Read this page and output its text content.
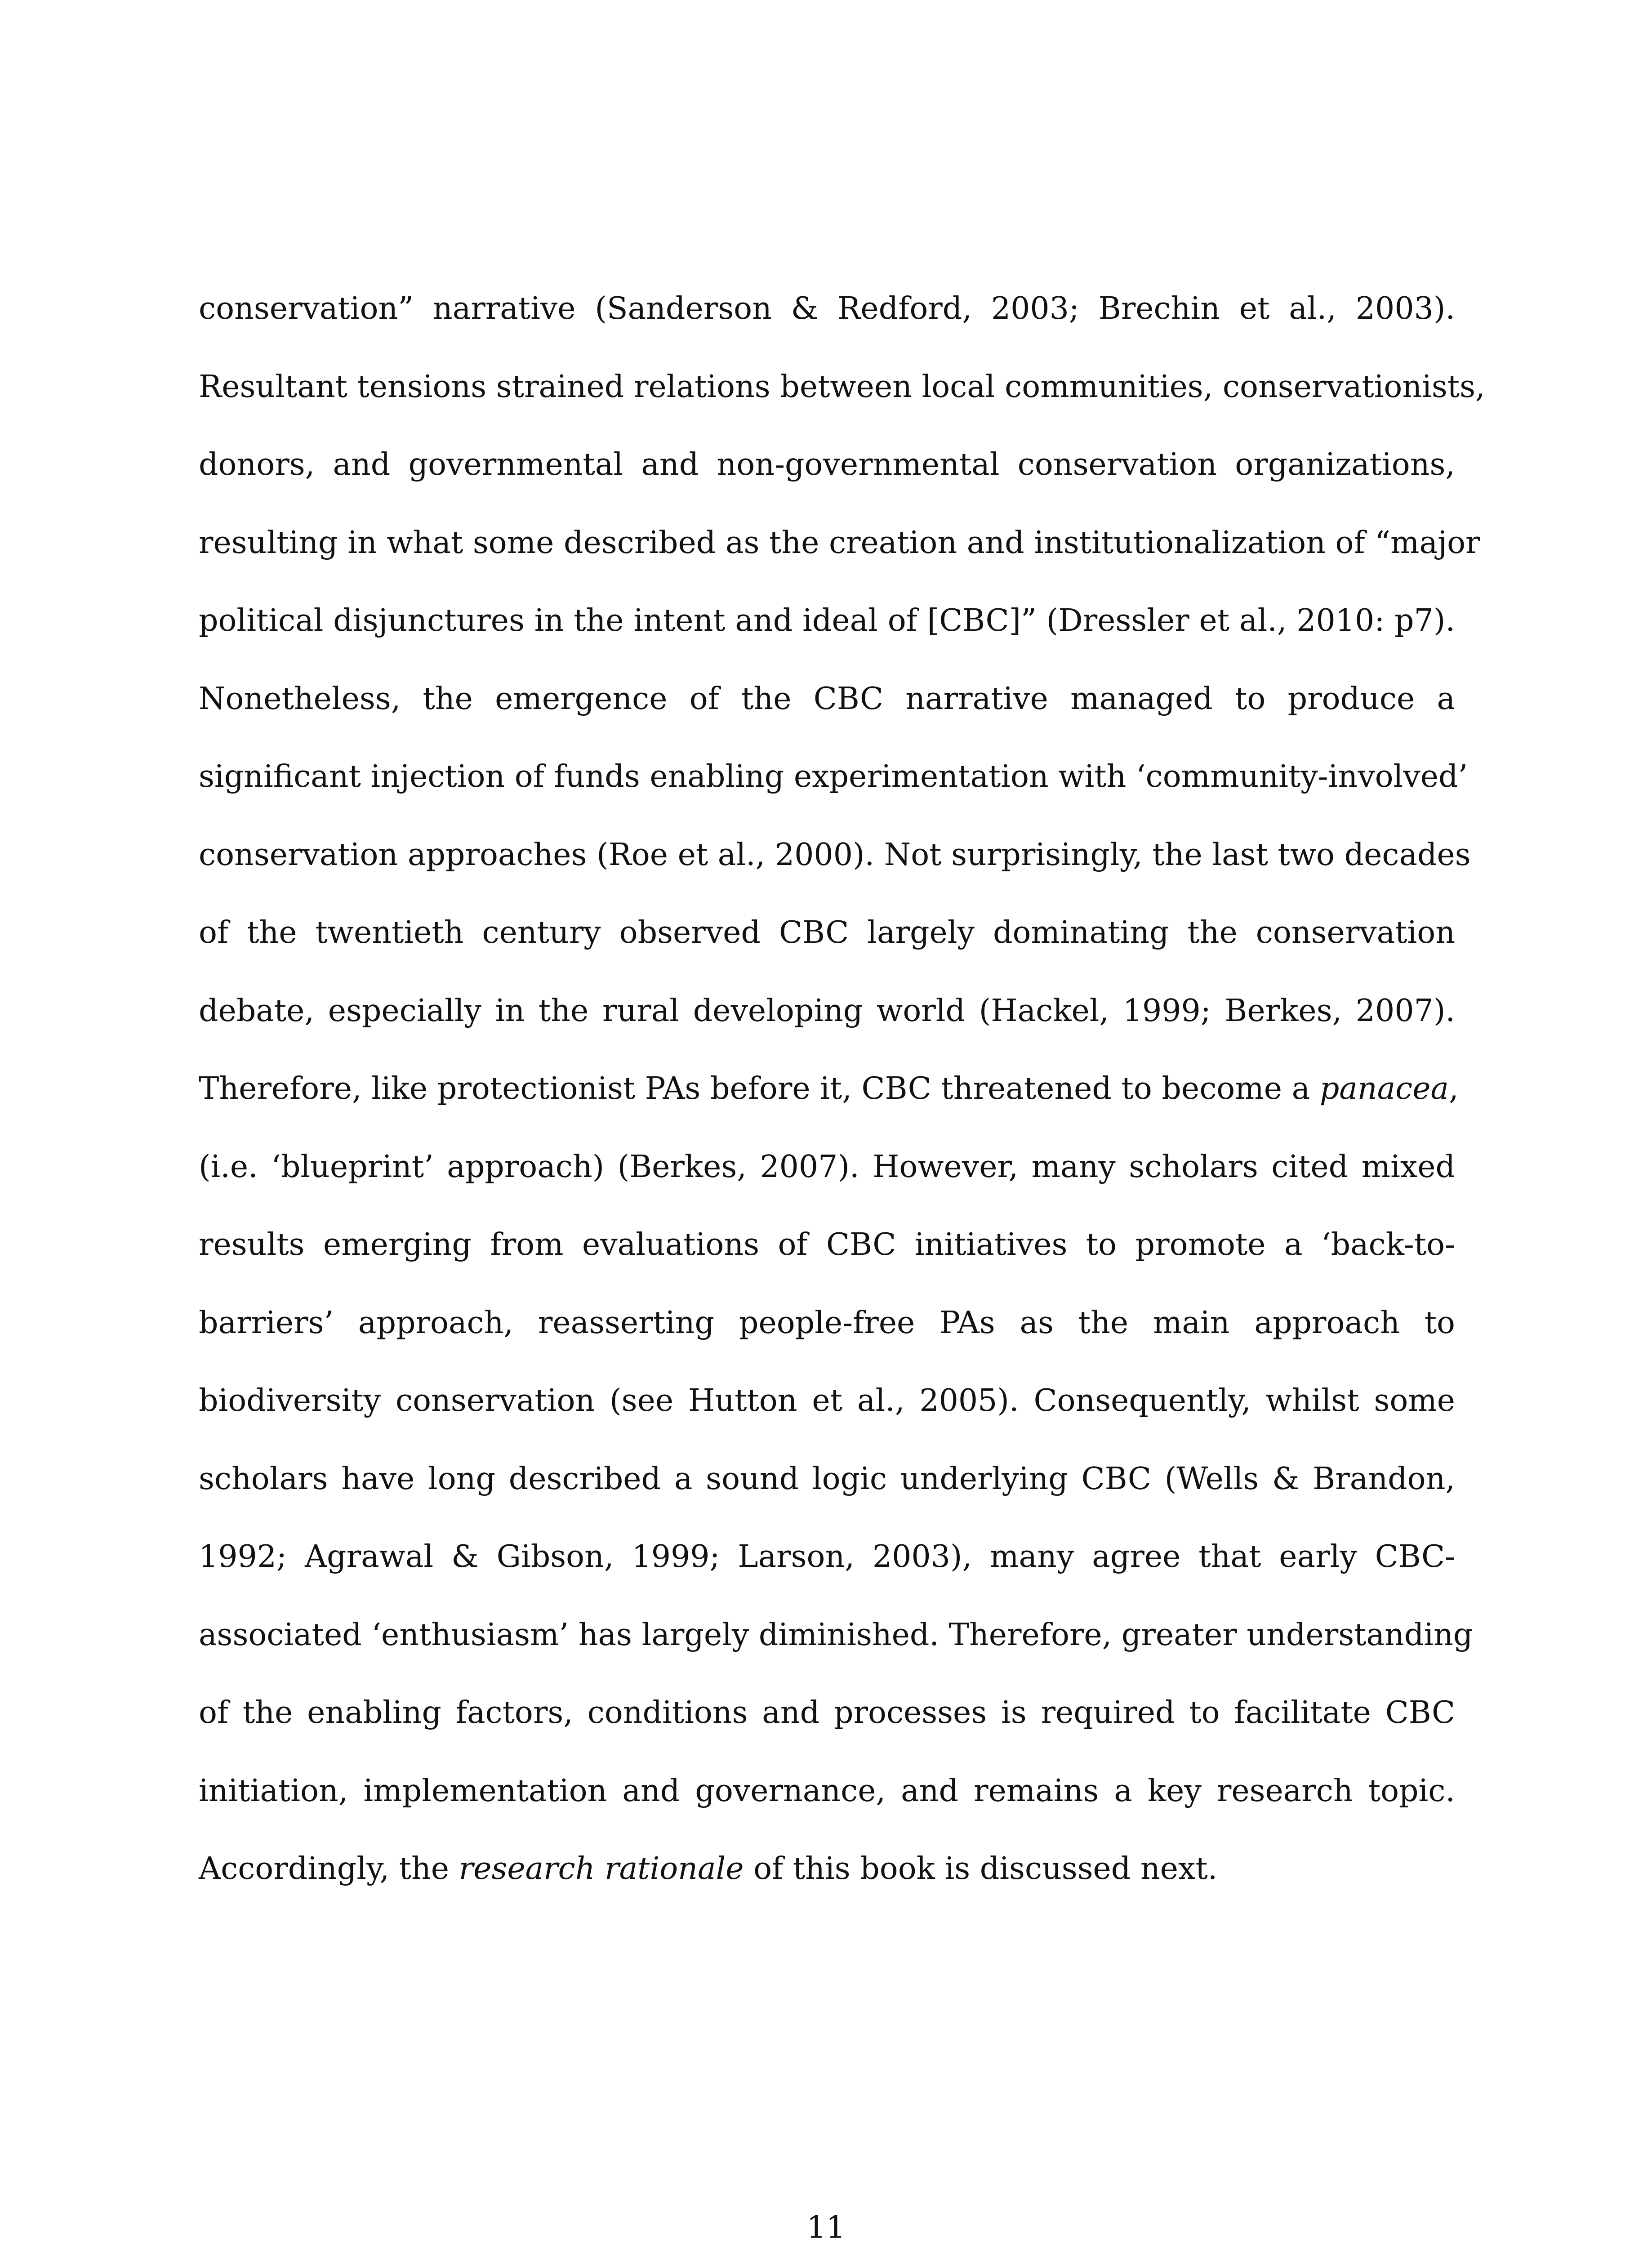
conservation” narrative (Sanderson & Redford, 2003; Brechin et al., 2003).
Resultant tensions strained relations between local communities, conservationists,
donors, and governmental and non-governmental conservation organizations,
resulting in what some described as the creation and institutionalization of “major
political disjunctures in the intent and ideal of [CBC]” (Dressler et al., 2010: p7).
Nonetheless, the emergence of the CBC narrative managed to produce a
significant injection of funds enabling experimentation with ‘community-involved’
conservation approaches (Roe et al., 2000). Not surprisingly, the last two decades
of the twentieth century observed CBC largely dominating the conservation
debate, especially in the rural developing world (Hackel, 1999; Berkes, 2007).
Therefore, like protectionist PAs before it, CBC threatened to become a panacea,
(i.e. ‘blueprint’ approach) (Berkes, 2007). However, many scholars cited mixed
results emerging from evaluations of CBC initiatives to promote a ‘back-to-
barriers’ approach, reasserting people-free PAs as the main approach to
biodiversity conservation (see Hutton et al., 2005). Consequently, whilst some
scholars have long described a sound logic underlying CBC (Wells & Brandon,
1992; Agrawal & Gibson, 1999; Larson, 2003), many agree that early CBC-
associated ‘enthusiasm’ has largely diminished. Therefore, greater understanding
of the enabling factors, conditions and processes is required to facilitate CBC
initiation, implementation and governance, and remains a key research topic.
Accordingly, the research rationale of this book is discussed next.
11
